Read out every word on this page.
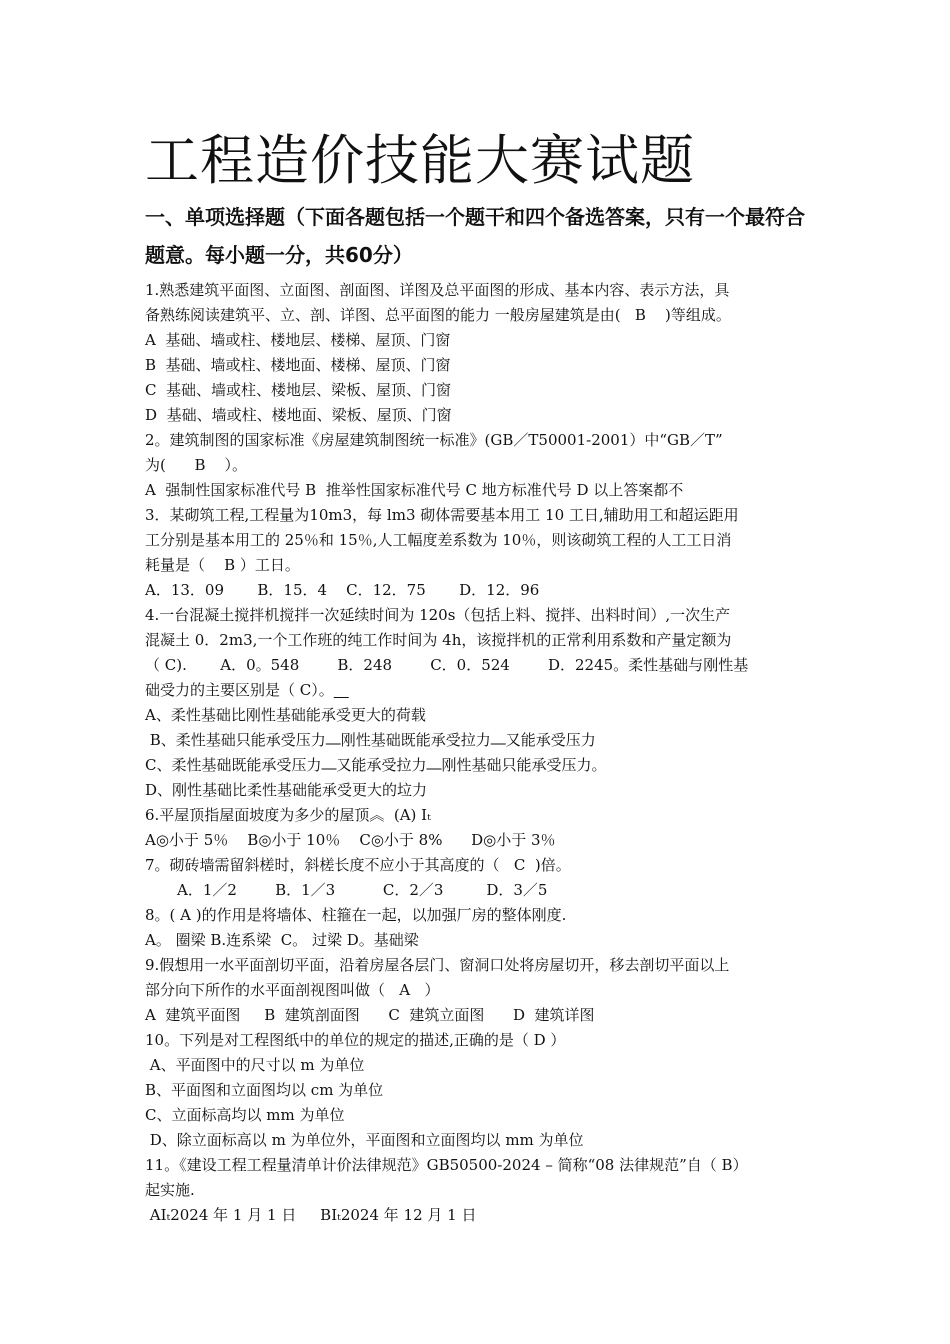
工程造价技能大赛试题
一、单项选择题（下面各题包括一个题干和四个备选答案，只有一个最符合题意。每小题一分，共60分）
1.熟悉建筑平面图、立面图、剖面图、详图及总平面图的形成、基本内容、表示方法，具
备熟练阅读建筑平、立、剖、详图、总平面图的能力 一般房屋建筑是由(   B    )等组成。
A  基础、墙或柱、楼地层、楼梯、屋顶、门窗
B  基础、墙或柱、楼地面、楼梯、屋顶、门窗
C  基础、墙或柱、楼地层、梁板、屋顶、门窗
D  基础、墙或柱、楼地面、梁板、屋顶、门窗
2。建筑制图的国家标准《房屋建筑制图统一标准》(GB／T50001-2001）中“GB／T”
为(      B    ）。
A  强制性国家标准代号 B  推举性国家标准代号 C 地方标准代号 D 以上答案都不
3．某砌筑工程,工程量为10m3，每 lm3 砌体需要基本用工 10 工日,辅助用工和超运距用
工分别是基本用工的 25％和 15％,人工幅度差系数为 10％，则该砌筑工程的人工工日消
耗量是（    B ）工日。
A．13．09       B．15．4    C．12．75       D．12．96
4.一台混凝土搅拌机搅拌一次延续时间为 120s（包括上料、搅拌、出料时间）,一次生产
混凝土 0．2m3,一个工作班的纯工作时间为 4h，该搅拌机的正常利用系数和产量定额为
（ C).       A．0。548        B．248        C．0．524        D．2245。柔性基础与刚性基
础受力的主要区别是（ C）。⎽
A、柔性基础比刚性基础能承受更大的荷载
B、柔性基础只能承受压力⎼刚性基础既能承受拉力⎼又能承受压力
C、柔性基础既能承受压力⎼又能承受拉力⎼刚性基础只能承受压力。
D、刚性基础比柔性基础能承受更大的垃力
6.平屋顶指屋面坡度为多少的屋顶︽  (A) Iₜ
A◎小于 5％    B◎小于 10％    C◎小于 8%      D◎小于 3％
7。砌砖墙需留斜槎时，斜槎长度不应小于其高度的（   C  )倍。
A．1／2        B．1／3          C．2／3         D．3／5
8。( A )的作用是将墙体、柱箍在一起，以加强厂房的整体刚度.
A。 圈梁 B.连系梁  C。 过梁 D。基础梁
9.假想用一水平面剖切平面，沿着房屋各层门、窗洞口处将房屋切开，移去剖切平面以上
部分向下所作的水平面剖视图叫做（   A   ）
A  建筑平面图     B  建筑剖面图      C  建筑立面图      D  建筑详图
10。下列是对工程图纸中的单位的规定的描述,正确的是（ D ）
A、平面图中的尺寸以 m 为单位
B、平面图和立面图均以 cm 为单位
C、立面标高均以 mm 为单位
D、除立面标高以 m 为单位外，平面图和立面图均以 mm 为单位
11。《建设工程工程量清单计价法律规范》GB50500-2024 – 简称“08 法律规范”自（ B）
起实施.
AIₜ2024 年 1 月 1 日     BIₜ2024 年 12 月 1 日
